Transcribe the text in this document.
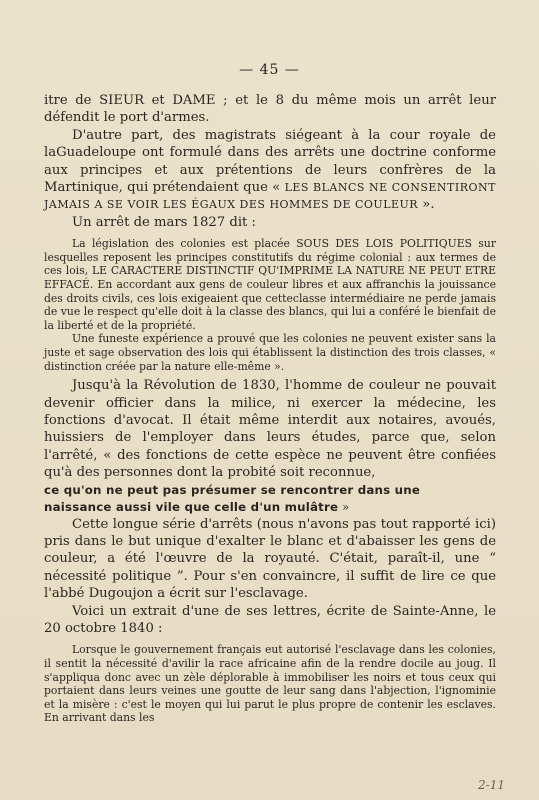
— 45 —

itre de SIEUR et DAME ; et le 8 du même mois un arrêt leur défendit le port d'armes.

D'autre part, des magistrats siégeant à la cour royale de laGuadeloupe ont formulé dans des arrêts une doctrine conforme aux principes et aux prétentions de leurs confrères de la Martinique, qui prétendaient que « LES BLANCS NE CONSENTIRONT JAMAIS A SE VOIR LES ÉGAUX DES HOMMES DE COULEUR ».

Un arrêt de mars 1827 dit :

La législation des colonies est placée SOUS DES LOIS POLITIQUES sur lesquelles reposent les principes constitutifs du régime colonial : aux termes de ces lois, LE CARACTERE DISTINCTIF QU'IMPRIME LA NATURE NE PEUT ETRE EFFACÉ. En accordant aux gens de couleur libres et aux affranchis la jouissance des droits civils, ces lois exigeaient que cetteclasse intermédiaire ne perde jamais de vue le respect qu'elle doit à la classe des blancs, qui lui a conféré le bienfait de la liberté et de la propriété.

Une funeste expérience a prouvé que les colonies ne peuvent exister sans la juste et sage observation des lois qui établissent la distinction des trois classes, « distinction créée par la nature elle-même ».

Jusqu'à la Révolution de 1830, l'homme de couleur ne pouvait devenir officier dans la milice, ni exercer la médecine, les fonctions d'avocat. Il était même interdit aux notaires, avoués, huissiers de l'employer dans leurs études, parce que, selon l'arrêté, « des fonctions de cette espèce ne peuvent être confiées qu'à des personnes dont la probité soit reconnue,

ce qu'on ne peut pas présumer se rencontrer dans une

naissance aussi vile que celle d'un mulâtre »

Cette longue série d'arrêts (nous n'avons pas tout rapporté ici) pris dans le but unique d'exalter le blanc et d'abaisser les gens de couleur, a été l'œuvre de la royauté. C'était, paraît-il, une “ nécessité politique ”. Pour s'en convaincre, il suffit de lire ce que l'abbé Dugoujon a écrit sur l'esclavage.

Voici un extrait d'une de ses lettres, écrite de Sainte-Anne, le 20 octobre 1840 :

Lorsque le gouvernement français eut autorisé l'esclavage dans les colonies, il sentit la nécessité d'avilir la race africaine afin de la rendre docile au joug. Il s'appliqua donc avec un zèle déplorable à immobiliser les noirs et tous ceux qui portaient dans leurs veines une goutte de leur sang dans l'abjection, l'ignominie et la misère : c'est le moyen qui lui parut le plus propre de contenir les esclaves. En arrivant dans les

2-11
